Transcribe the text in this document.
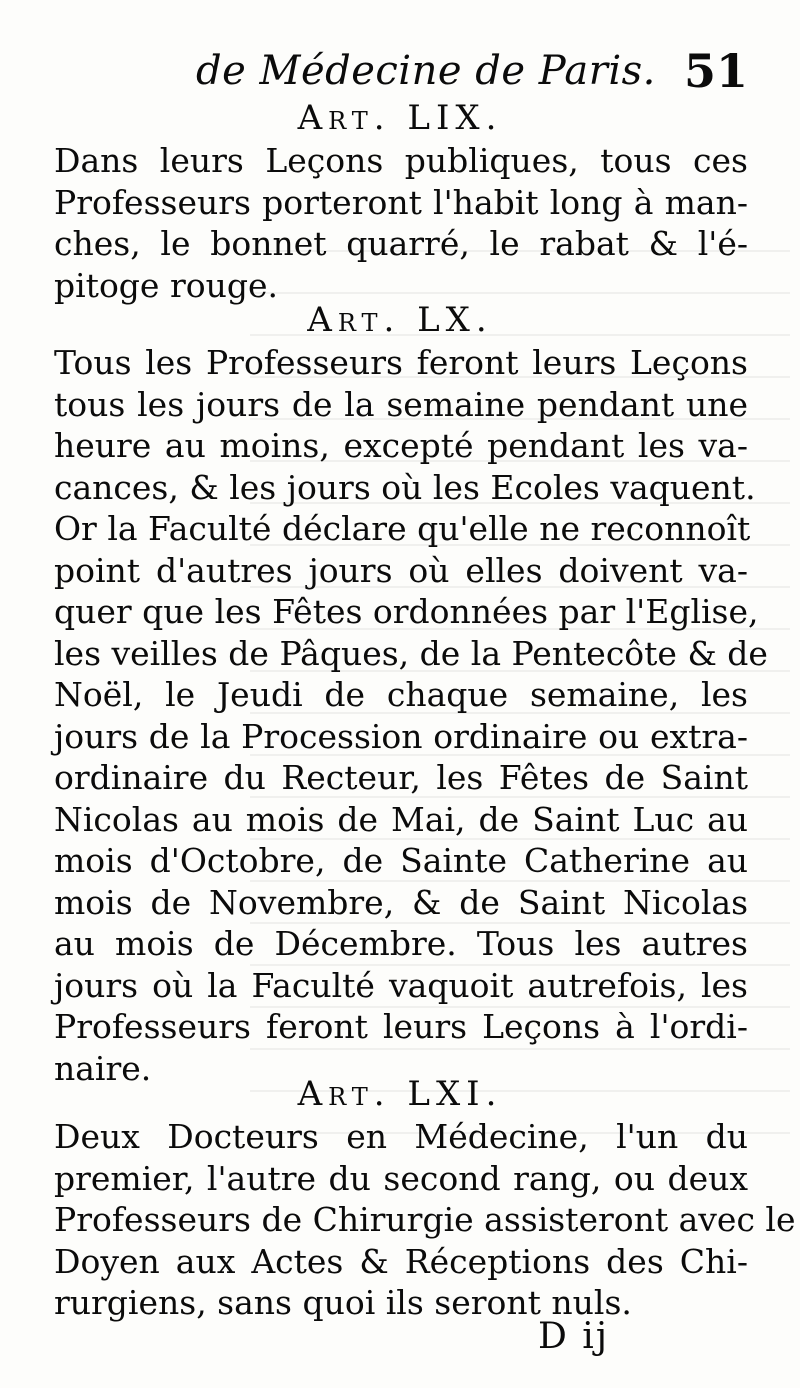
de Médecine de Paris. 51
Art. LIX.
Dans leurs Leçons publiques, tous ces
Professeurs porteront l'habit long à man-
ches, le bonnet quarré, le rabat & l'é-
pitoge rouge.
Art. LX.
Tous les Professeurs feront leurs Leçons
tous les jours de la semaine pendant une
heure au moins, excepté pendant les va-
cances, & les jours où les Ecoles vaquent.
Or la Faculté déclare qu'elle ne reconnoît
point d'autres jours où elles doivent va-
quer que les Fêtes ordonnées par l'Eglise,
les veilles de Pâques, de la Pentecôte & de
Noël, le Jeudi de chaque semaine, les
jours de la Procession ordinaire ou extra-
ordinaire du Recteur, les Fêtes de Saint
Nicolas au mois de Mai, de Saint Luc au
mois d'Octobre, de Sainte Catherine au
mois de Novembre, & de Saint Nicolas
au mois de Décembre. Tous les autres
jours où la Faculté vaquoit autrefois, les
Professeurs feront leurs Leçons à l'ordi-
naire.
Art. LXI.
Deux Docteurs en Médecine, l'un du
premier, l'autre du second rang, ou deux
Professeurs de Chirurgie assisteront avec le
Doyen aux Actes & Réceptions des Chi-
rurgiens, sans quoi ils seront nuls.
D ij
